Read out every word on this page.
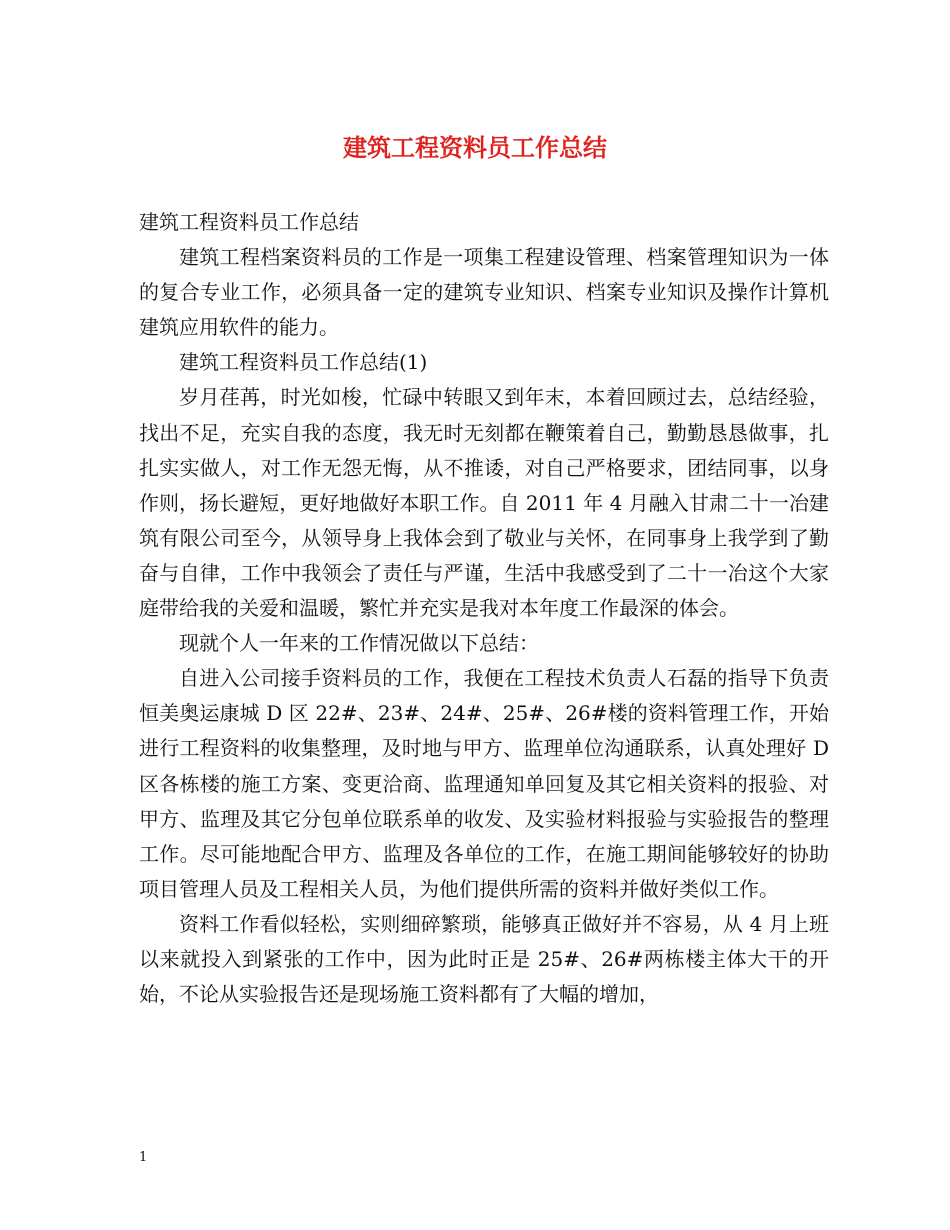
建筑工程资料员工作总结

建筑工程资料员工作总结

建筑工程档案资料员的工作是一项集工程建设管理、档案管理知识为一体的复合专业工作，必须具备一定的建筑专业知识、档案专业知识及操作计算机建筑应用软件的能力。

建筑工程资料员工作总结(1)

岁月荏苒，时光如梭，忙碌中转眼又到年末，本着回顾过去，总结经验，找出不足，充实自我的态度，我无时无刻都在鞭策着自己，勤勤恳恳做事，扎扎实实做人，对工作无怨无悔，从不推诿，对自己严格要求，团结同事，以身作则，扬长避短，更好地做好本职工作。自 2011 年 4 月融入甘肃二十一冶建筑有限公司至今，从领导身上我体会到了敬业与关怀，在同事身上我学到了勤奋与自律，工作中我领会了责任与严谨，生活中我感受到了二十一冶这个大家庭带给我的关爱和温暖，繁忙并充实是我对本年度工作最深的体会。

现就个人一年来的工作情况做以下总结：

自进入公司接手资料员的工作，我便在工程技术负责人石磊的指导下负责恒美奥运康城 D 区 22#、23#、24#、25#、26#楼的资料管理工作，开始进行工程资料的收集整理，及时地与甲方、监理单位沟通联系，认真处理好 D 区各栋楼的施工方案、变更洽商、监理通知单回复及其它相关资料的报验、对甲方、监理及其它分包单位联系单的收发、及实验材料报验与实验报告的整理工作。尽可能地配合甲方、监理及各单位的工作，在施工期间能够较好的协助项目管理人员及工程相关人员，为他们提供所需的资料并做好类似工作。

资料工作看似轻松，实则细碎繁琐，能够真正做好并不容易，从 4 月上班以来就投入到紧张的工作中，因为此时正是 25#、26#两栋楼主体大干的开始，不论从实验报告还是现场施工资料都有了大幅的增加，

1
